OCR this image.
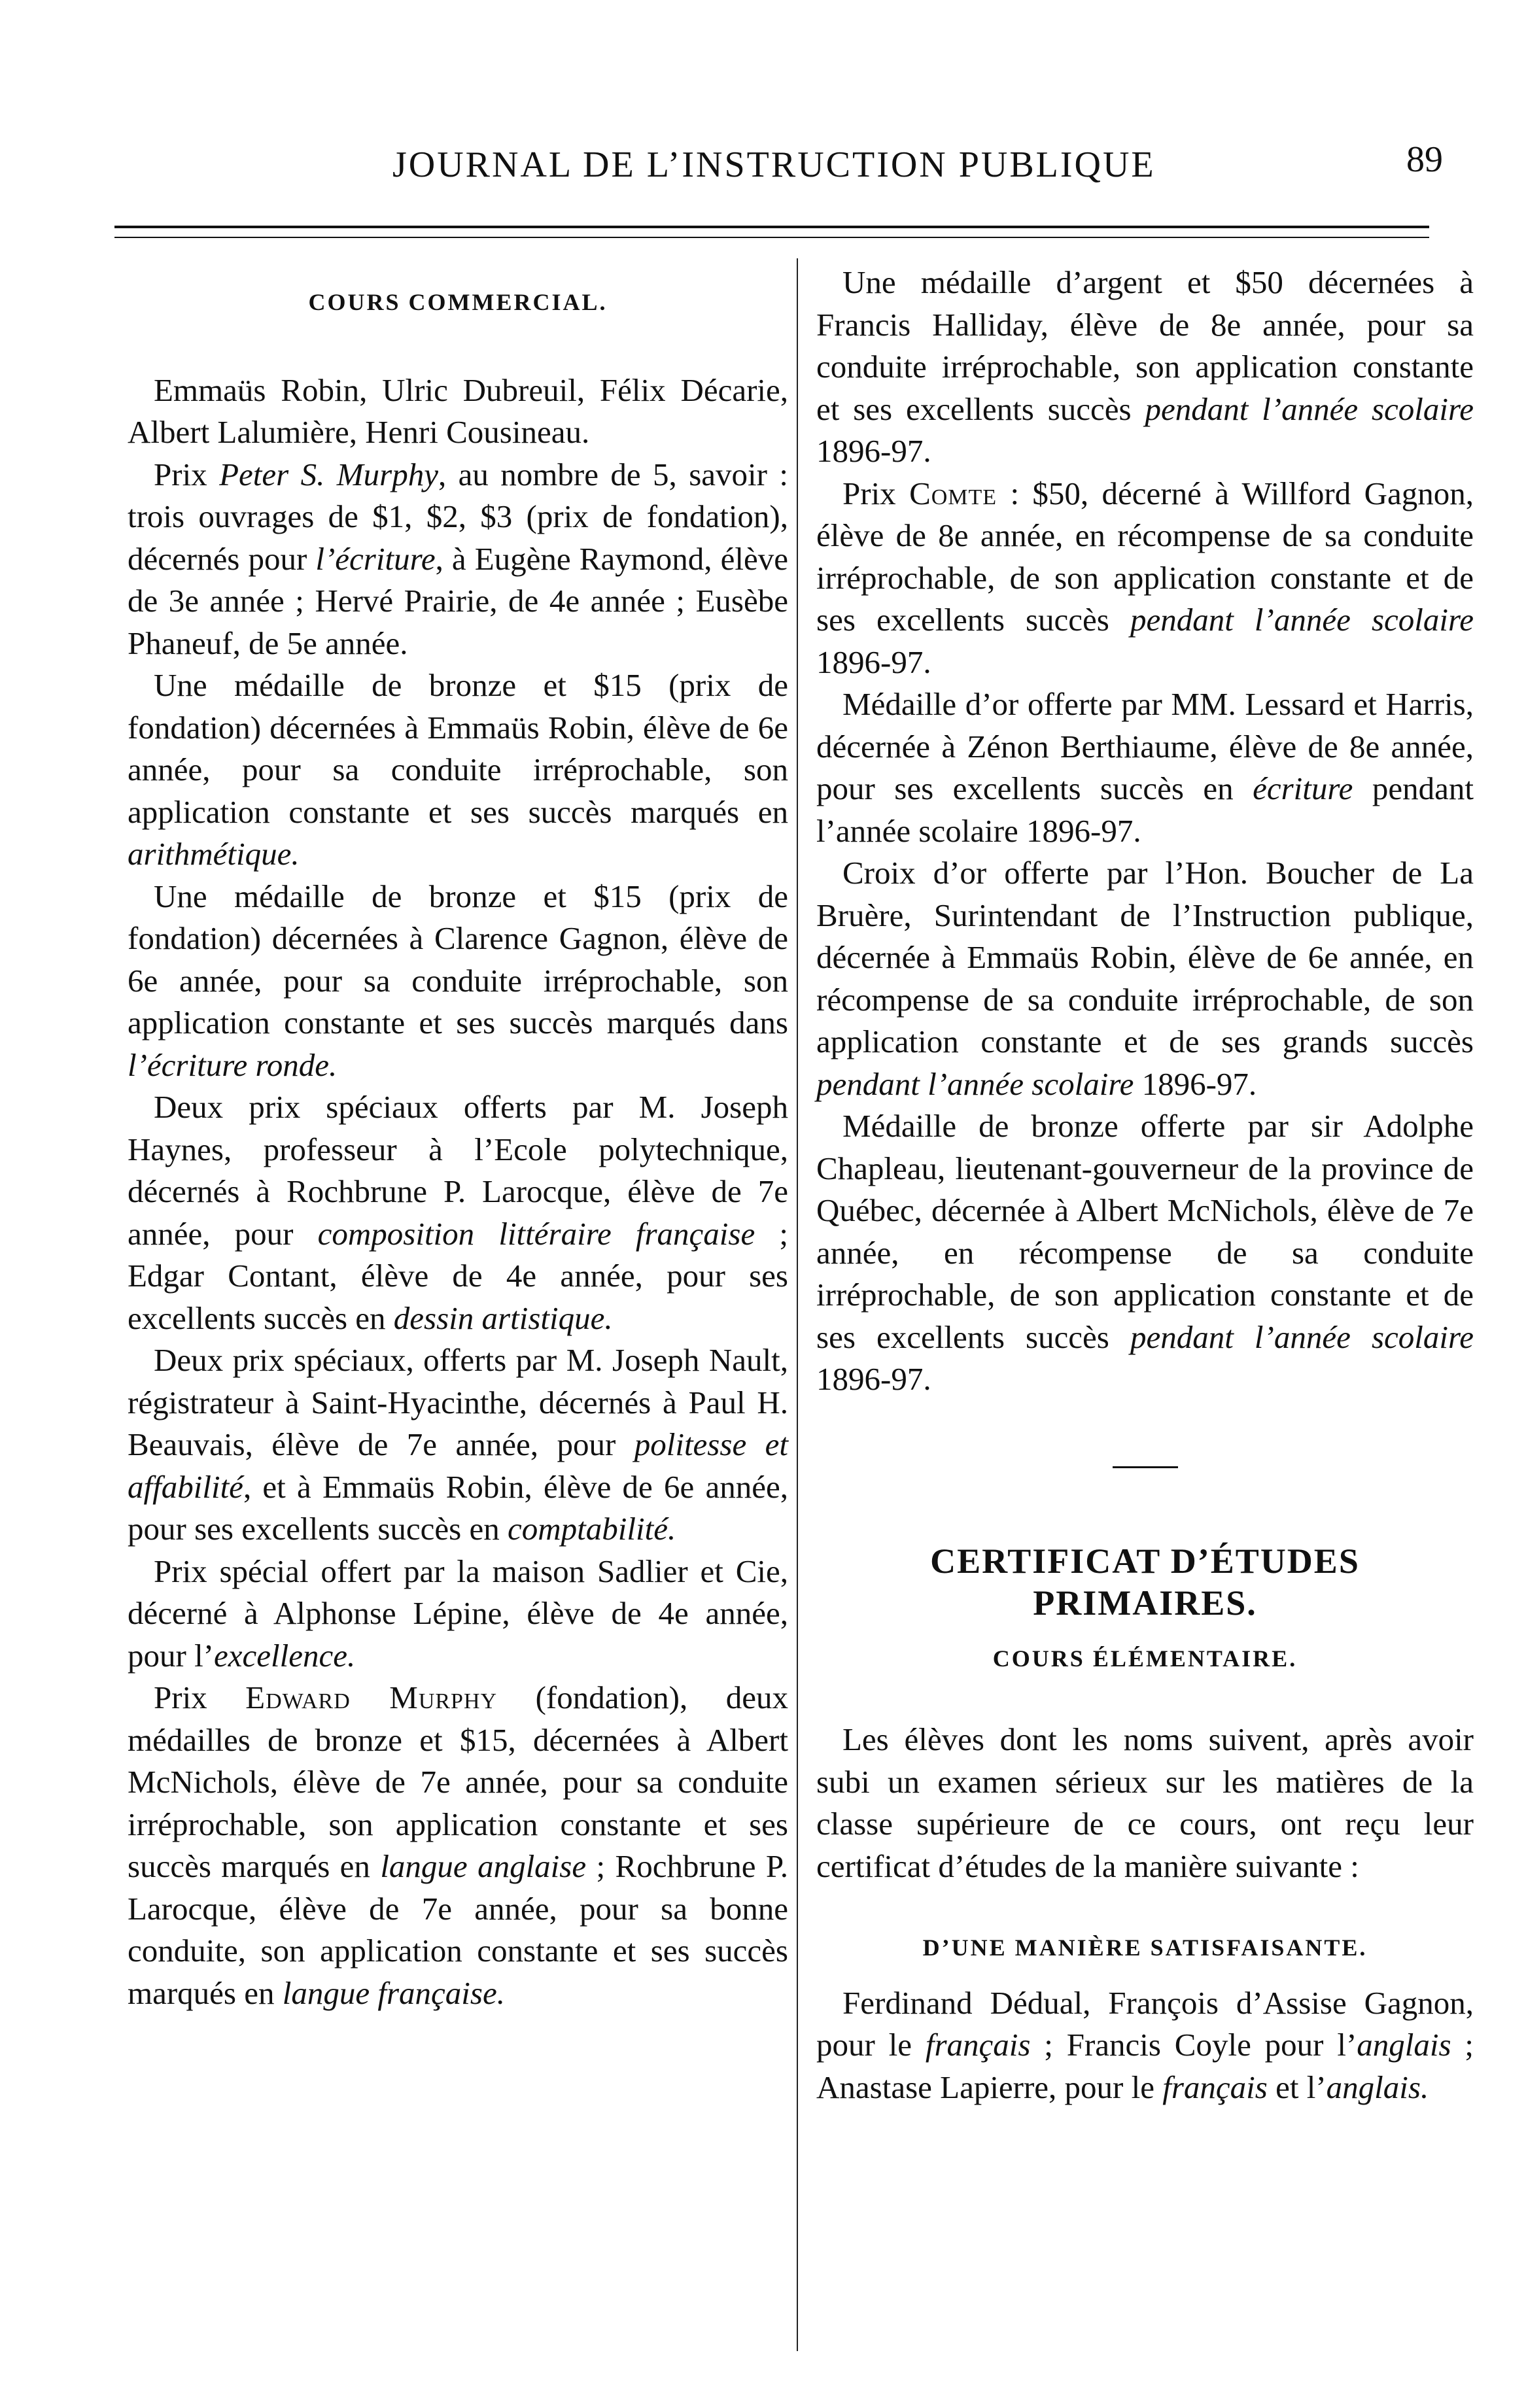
JOURNAL DE L’INSTRUCTION PUBLIQUE	89
COURS COMMERCIAL.

Emmaüs Robin, Ulric Dubreuil, Félix Décarie, Albert Lalumière, Henri Cousineau.

Prix Peter S. Murphy, au nombre de 5, savoir : trois ouvrages de $1, $2, $3 (prix de fondation), décernés pour l’écriture, à Eugène Raymond, élève de 3e année ; Hervé Prairie, de 4e année ; Eusèbe Phaneuf, de 5e année.

Une médaille de bronze et $15 (prix de fondation) décernées à Emmaüs Robin, élève de 6e année, pour sa conduite irréprochable, son application constante et ses succès marqués en arithmétique.

Une médaille de bronze et $15 (prix de fondation) décernées à Clarence Gagnon, élève de 6e année, pour sa conduite irréprochable, son application constante et ses succès marqués dans l’écriture ronde.

Deux prix spéciaux offerts par M. Joseph Haynes, professeur à l’Ecole polytechnique, décernés à Rochbrune P. Larocque, élève de 7e année, pour composition littéraire française ; Edgar Contant, élève de 4e année, pour ses excellents succès en dessin artistique.

Deux prix spéciaux, offerts par M. Joseph Nault, régistrateur à Saint-Hyacinthe, décernés à Paul H. Beauvais, élève de 7e année, pour politesse et affabilité, et à Emmaüs Robin, élève de 6e année, pour ses excellents succès en comptabilité.

Prix spécial offert par la maison Sadlier et Cie, décerné à Alphonse Lépine, élève de 4e année, pour l’excellence.

Prix Edward Murphy (fondation), deux médailles de bronze et $15, décernées à Albert McNichols, élève de 7e année, pour sa conduite irréprochable, son application constante et ses succès marqués en langue anglaise ; Rochbrune P. Larocque, élève de 7e année, pour sa bonne conduite, son application constante et ses succès marqués en langue française.

Une médaille d’argent et $50 décernées à Francis Halliday, élève de 8e année, pour sa conduite irréprochable, son application constante et ses excellents succès pendant l’année scolaire 1896-97.

Prix Comte : $50, décerné à Willford Gagnon, élève de 8e année, en récompense de sa conduite irréprochable, de son application constante et de ses excellents succès pendant l’année scolaire 1896-97.

Médaille d’or offerte par MM. Lessard et Harris, décernée à Zénon Berthiaume, élève de 8e année, pour ses excellents succès en écriture pendant l’année scolaire 1896-97.

Croix d’or offerte par l’Hon. Boucher de La Bruère, Surintendant de l’Instruction publique, décernée à Emmaüs Robin, élève de 6e année, en récompense de sa conduite irréprochable, de son application constante et de ses grands succès pendant l’année scolaire 1896-97.

Médaille de bronze offerte par sir Adolphe Chapleau, lieutenant-gouverneur de la province de Québec, décernée à Albert McNichols, élève de 7e année, en récompense de sa conduite irréprochable, de son application constante et de ses excellents succès pendant l’année scolaire 1896-97.

CERTIFICAT D’ÉTUDES PRIMAIRES.
COURS ÉLÉMENTAIRE.

Les élèves dont les noms suivent, après avoir subi un examen sérieux sur les matières de la classe supérieure de ce cours, ont reçu leur certificat d’études de la manière suivante :

D’UNE MANIÈRE SATISFAISANTE.

Ferdinand Dédual, François d’Assise Gagnon, pour le français ; Francis Coyle pour l’anglais ; Anastase Lapierre, pour le français et l’anglais.
